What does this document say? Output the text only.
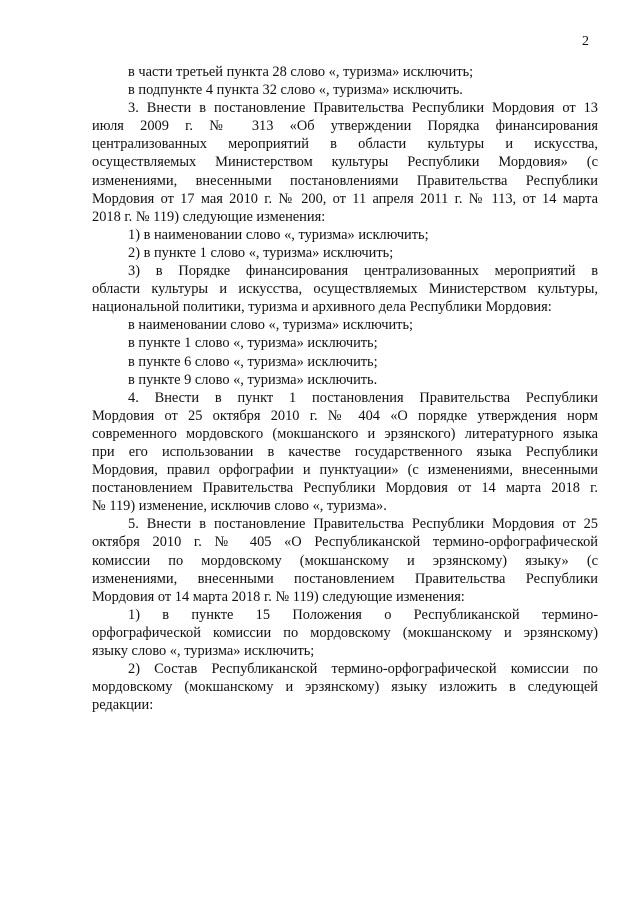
2
в части третьей пункта 28 слово «, туризма» исключить;
в подпункте 4 пункта 32 слово «, туризма» исключить.
3. Внести в постановление Правительства Республики Мордовия от 13
июля 2009 г. № 313 «Об утверждении Порядка финансирования
централизованных мероприятий в области культуры и искусства,
осуществляемых Министерством культуры Республики Мордовия» (с
изменениями, внесенными постановлениями Правительства Республики
Мордовия от 17 мая 2010 г. № 200, от 11 апреля 2011 г. № 113, от 14 марта
2018 г. № 119) следующие изменения:
1) в наименовании слово «, туризма» исключить;
2) в пункте 1 слово «, туризма» исключить;
3) в Порядке финансирования централизованных мероприятий в
области культуры и искусства, осуществляемых Министерством культуры,
национальной политики, туризма и архивного дела Республики Мордовия:
в наименовании слово «, туризма» исключить;
в пункте 1 слово «, туризма» исключить;
в пункте 6 слово «, туризма» исключить;
в пункте 9 слово «, туризма» исключить.
4. Внести в пункт 1 постановления Правительства Республики
Мордовия от 25 октября 2010 г. № 404 «О порядке утверждения норм
современного мордовского (мокшанского и эрзянского) литературного языка
при его использовании в качестве государственного языка Республики
Мордовия, правил орфографии и пунктуации» (с изменениями, внесенными
постановлением Правительства Республики Мордовия от 14 марта 2018 г.
№ 119) изменение, исключив слово «, туризма».
5. Внести в постановление Правительства Республики Мордовия от 25
октября 2010 г. № 405 «О Республиканской термино-орфографической
комиссии по мордовскому (мокшанскому и эрзянскому) языку» (с
изменениями, внесенными постановлением Правительства Республики
Мордовия от 14 марта 2018 г. № 119) следующие изменения:
1) в пункте 15 Положения о Республиканской термино-
орфографической комиссии по мордовскому (мокшанскому и эрзянскому)
языку слово «, туризма» исключить;
2) Состав Республиканской термино-орфографической комиссии по
мордовскому (мокшанскому и эрзянскому) языку изложить в следующей
редакции:
